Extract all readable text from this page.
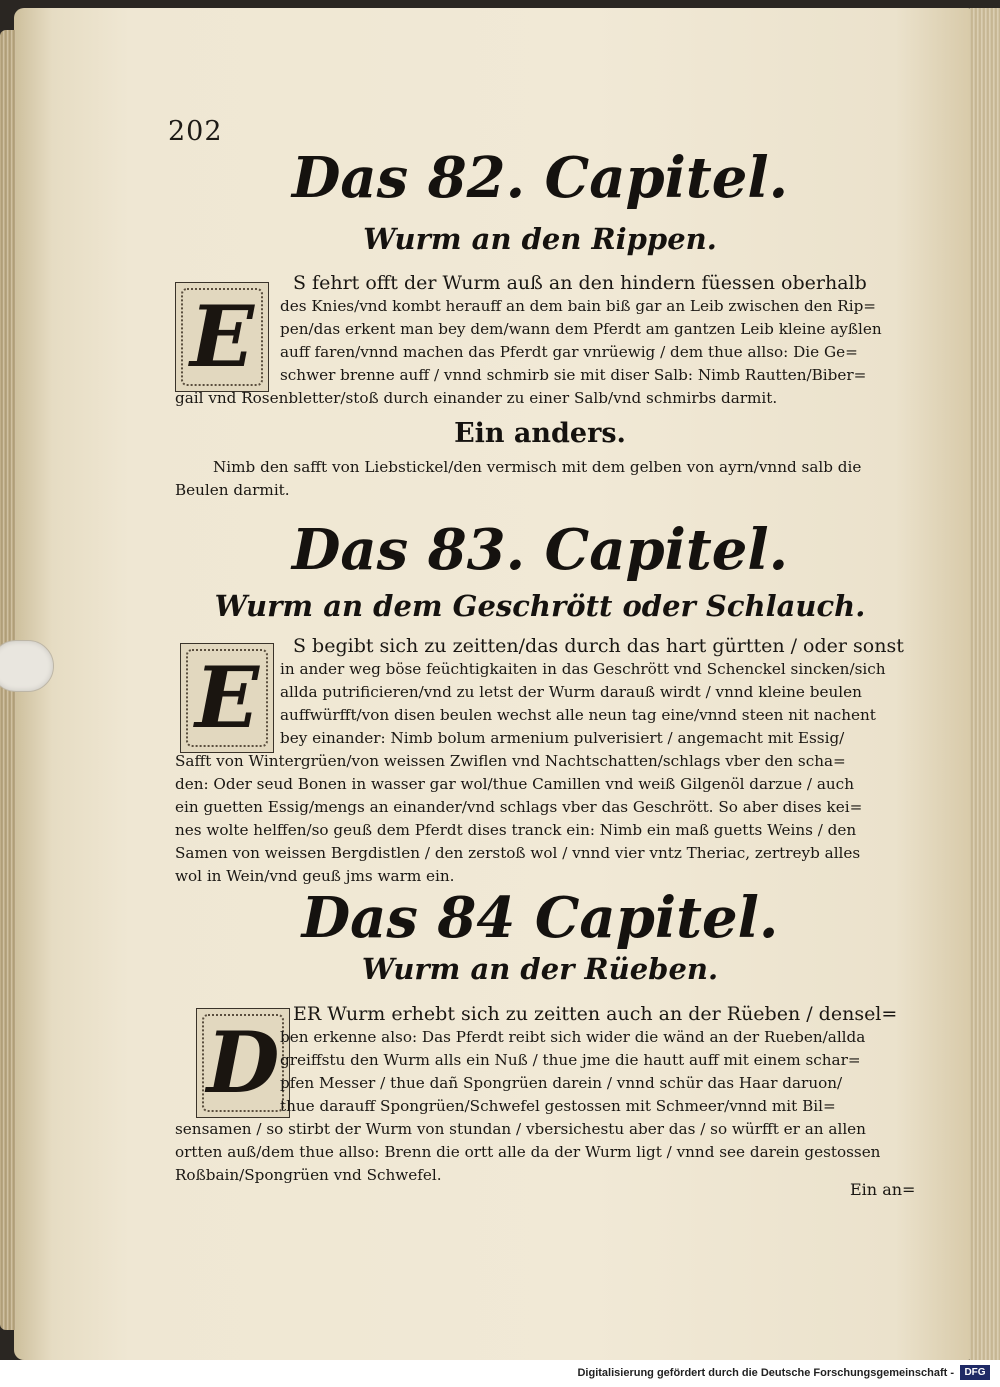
202
Das 82. Capitel.
Wurm an den Rippen.
E
S fehrt offt der Wurm auß an den hindern füessen oberhalb
des Knies/vnd kombt herauff an dem bain biß gar an Leib zwischen den Rip=
pen/das erkent man bey dem/wann dem Pferdt am gantzen Leib kleine ayßlen
auff faren/vnnd machen das Pferdt gar vnrüewig / dem thue allso: Die Ge=
schwer brenne auff / vnnd schmirb sie mit diser Salb: Nimb Rautten/Biber=
gail vnd Rosenbletter/stoß durch einander zu einer Salb/vnd schmirbs darmit.
Ein anders.
Nimb den safft von Liebstickel/den vermisch mit dem gelben von ayrn/vnnd salb die
Beulen darmit.
Das 83. Capitel.
Wurm an dem Geschrött oder Schlauch.
E
S begibt sich zu zeitten/das durch das hart gürtten / oder sonst
in ander weg böse feüchtigkaiten in das Geschrött vnd Schenckel sincken/sich
allda putrificieren/vnd zu letst der Wurm darauß wirdt / vnnd kleine beulen
auffwürfft/von disen beulen wechst alle neun tag eine/vnnd steen nit nachent
bey einander: Nimb bolum armenium pulverisiert / angemacht mit Essig/
Safft von Wintergrüen/von weissen Zwiflen vnd Nachtschatten/schlags vber den scha=
den: Oder seud Bonen in wasser gar wol/thue Camillen vnd weiß Gilgenöl darzue / auch
ein guetten Essig/mengs an einander/vnd schlags vber das Geschrött. So aber dises kei=
nes wolte helffen/so geuß dem Pferdt dises tranck ein: Nimb ein maß guetts Weins / den
Samen von weissen Bergdistlen / den zerstoß wol / vnnd vier vntz Theriac, zertreyb alles
wol in Wein/vnd geuß jms warm ein.
Das 84 Capitel.
Wurm an der Rüeben.
D ER Wurm erhebt sich zu zeitten auch an der Rüeben / densel=
ben erkenne also: Das Pferdt reibt sich wider die wänd an der Rueben/allda
greiffstu den Wurm alls ein Nuß / thue jme die hautt auff mit einem schar=
pfen Messer / thue dañ Spongrüen darein / vnnd schür das Haar daruon/
thue darauff Spongrüen/Schwefel gestossen mit Schmeer/vnnd mit Bil=
sensamen / so stirbt der Wurm von stundan / vbersichestu aber das / so würfft er an allen
ortten auß/dem thue allso: Brenn die ortt alle da der Wurm ligt / vnnd see darein gestossen
Roßbain/Spongrüen vnd Schwefel.
Ein an=
Digitalisierung gefördert durch die Deutsche Forschungsgemeinschaft -	DFG
